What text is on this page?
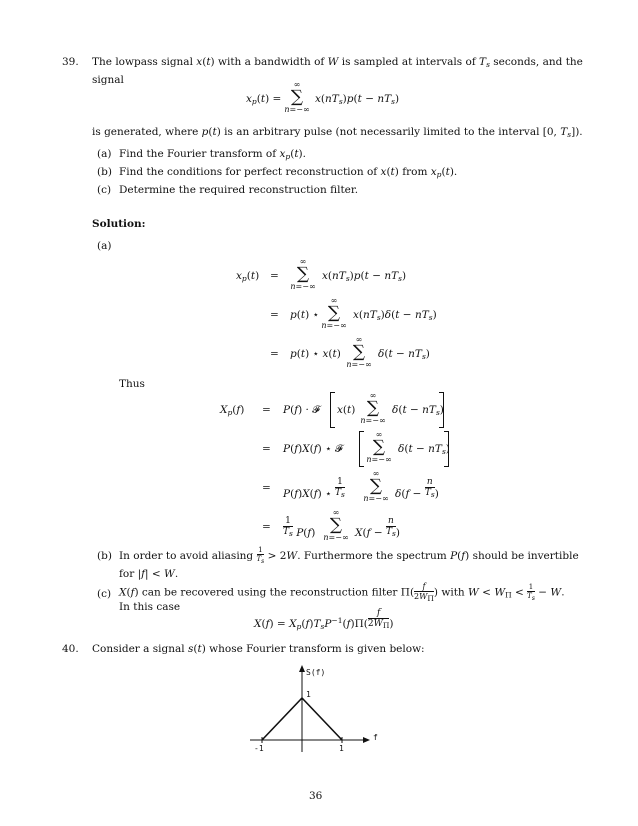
39. The lowpass signal x(t) with a bandwidth of W is sampled at intervals of $T_s$ seconds, and the
signal
$x_p(t)$ =
∞
∑
n=−∞
$x(nT_s)p(t - nT_s)$
is generated, where p(t) is an arbitrary pulse (not necessarily limited to the interval [0, $T_s$]).
(a) Find the Fourier transform of $x_p(t)$.
(b) Find the conditions for perfect reconstruction of x(t) from $x_p(t)$.
(c) Determine the required reconstruction filter.
Solution:
(a)
$x_p(t)$ =
∞
∑
n=−∞
$x(nT_s)p(t - nT_s)$
= p(t) ⋆
∞
∑
n=−∞
$x(nT_s)\delta(t - nT_s)$
= p(t) ⋆ x(t)
∞
∑
n=−∞
$\delta(t - nT_s)$
Thus
$X_p(f) = P(f)$ · 𝓕 x(t)
∞
∑
n=−∞
$\delta(t - nT_s)$
= P(f)X(f) ⋆ 𝓕
∞
∑
n=−∞
$\delta(t - nT_s)$
= P(f)X(f) ⋆ $\frac{1}{T_s}$
∞
∑
n=−∞ $\delta(f - \frac{n}{T_s}$ )
= $\frac{1}{T_s} P(f)$
∞
∑
n=−∞ $X(f - \frac{n}{T_s}$ )
(b) In order to avoid aliasing $\frac{1}{Ts} > 2W$. Furthermore the spectrum P(f) should be invertible
for |f| < W.
(c) X(f) can be recovered using the reconstruction filter $\Pi( \frac{f}{2W\Pi}$ ) with $W < W_\Pi < \frac{1}{Ts} - W$.
In this case
$X(f) = X_p(f)T_sP^{-1}(f)\Pi( \frac{f}{2W_\Pi}$ )
40. Consider a signal s(t) whose Fourier transform is given below:
S(f)
1
f
-1	1
36
